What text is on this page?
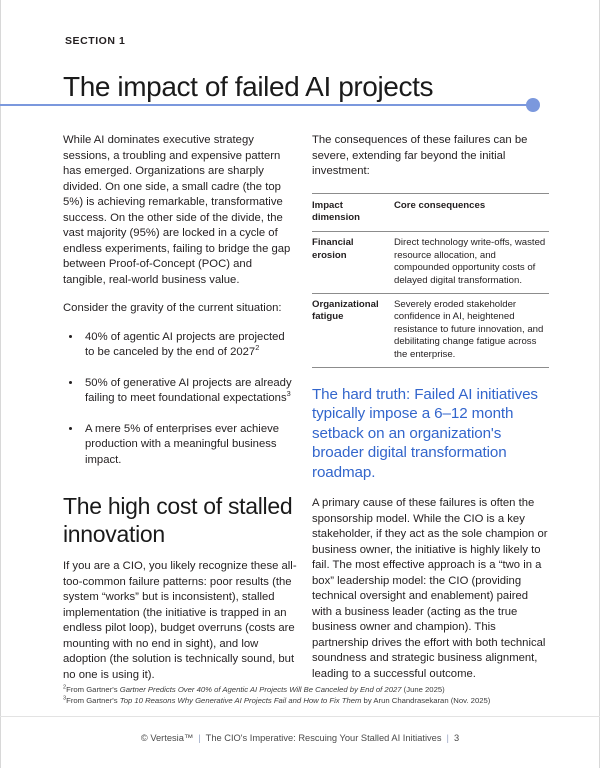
SECTION 1
The impact of failed AI projects

While AI dominates executive strategy sessions, a troubling and expensive pattern has emerged. Organizations are sharply divided. On one side, a small cadre (the top 5%) is achieving remarkable, transformative success. On the other side of the divide, the vast majority (95%) are locked in a cycle of endless experiments, failing to bridge the gap between Proof-of-Concept (POC) and tangible, real-world business value.

Consider the gravity of the current situation:

40% of agentic AI projects are projected to be canceled by the end of 2027$^2$
50% of generative AI projects are already failing to meet foundational expectations$^3$
A mere 5% of enterprises ever achieve production with a meaningful business impact.
The high cost of stalled innovation

If you are a CIO, you likely recognize these all-too-common failure patterns: poor results (the system “works” but is inconsistent), stalled implementation (the initiative is trapped in an endless pilot loop), budget overruns (costs are mounting with no end in sight), and low adoption (the solution is technically sound, but no one is using it).

The consequences of these failures can be severe, extending far beyond the initial investment:

Impact dimension	Core consequences
Financial erosion	Direct technology write-offs, wasted resource allocation, and compounded opportunity costs of delayed digital transformation.
Organizational fatigue	Severely eroded stakeholder confidence in AI, heightened resistance to future innovation, and debilitating change fatigue across the enterprise.

The hard truth: Failed AI initiatives typically impose a 6–12 month setback on an organization's broader digital transformation roadmap.

A primary cause of these failures is often the sponsorship model. While the CIO is a key stakeholder, if they act as the sole champion or business owner, the initiative is highly likely to fail. The most effective approach is a “two in a box” leadership model: the CIO (providing technical oversight and enablement) paired with a business leader (acting as the true business owner and champion). This partnership drives the effort with both technical soundness and strategic business alignment, leading to a successful outcome.

$^2$From Gartner's Gartner Predicts Over 40% of Agentic AI Projects Will Be Canceled by End of 2027 (June 2025)
$^3$From Gartner's Top 10 Reasons Why Generative AI Projects Fail and How to Fix Them by Arun Chandrasekaran (Nov. 2025)
© Vertesia™ | The CIO's Imperative: Rescuing Your Stalled AI Initiatives | 3
